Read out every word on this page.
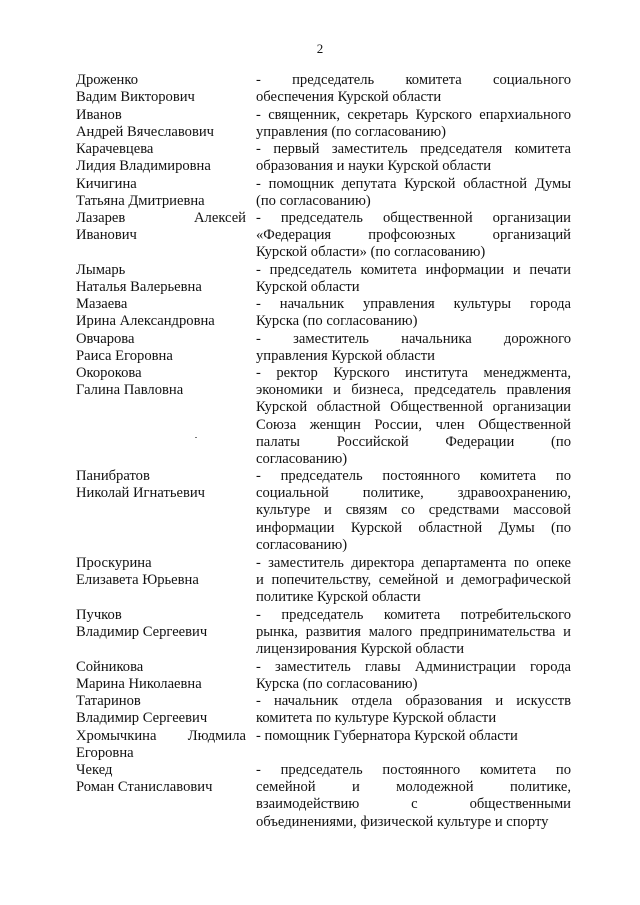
2
Дроженко
Вадим Викторович
- председатель комитета социального
обеспечения Курской области
Иванов
Андрей Вячеславович
- священник, секретарь Курского епархиального
управления (по согласованию)
Карачевцева
Лидия Владимировна
- первый заместитель председателя комитета
образования и науки Курской области
Кичигина
Татьяна Дмитриевна
- помощник депутата Курской областной Думы
(по согласованию)
Лазарев	Алексей
Иванович
- председатель общественной организации
«Федерация профсоюзных организаций
Курской области» (по согласованию)
Лымарь
Наталья Валерьевна
- председатель комитета информации и печати
Курской области
Мазаева
Ирина Александровна
- начальник управления культуры города
Курска (по согласованию)
Овчарова
Раиса Егоровна
- заместитель начальника дорожного
управления Курской области
Окорокова
Галина Павловна
- ректор Курского института менеджмента,
экономики и бизнеса, председатель правления
Курской областной Общественной организации
Союза женщин России, член Общественной
палаты Российской Федерации (по
согласованию)
Панибратов
Николай Игнатьевич
- председатель постоянного комитета по
социальной политике, здравоохранению,
культуре и связям со средствами массовой
информации Курской областной Думы (по
согласованию)
Проскурина
Елизавета Юрьевна
- заместитель директора департамента по опеке
и попечительству, семейной и демографической
политике Курской области
Пучков
Владимир Сергеевич
- председатель комитета потребительского
рынка, развития малого предпринимательства и
лицензирования Курской области
Сойникова
Марина Николаевна
- заместитель главы Администрации города
Курска (по согласованию)
Татаринов
Владимир Сергеевич
- начальник отдела образования и искусств
комитета по культуре Курской области
Хромычкина Людмила
Егоровна
- помощник Губернатора Курской области
Чекед
Роман Станиславович
- председатель постоянного комитета по
семейной и молодежной политике,
взаимодействию с общественными
объединениями, физической культуре и спорту
